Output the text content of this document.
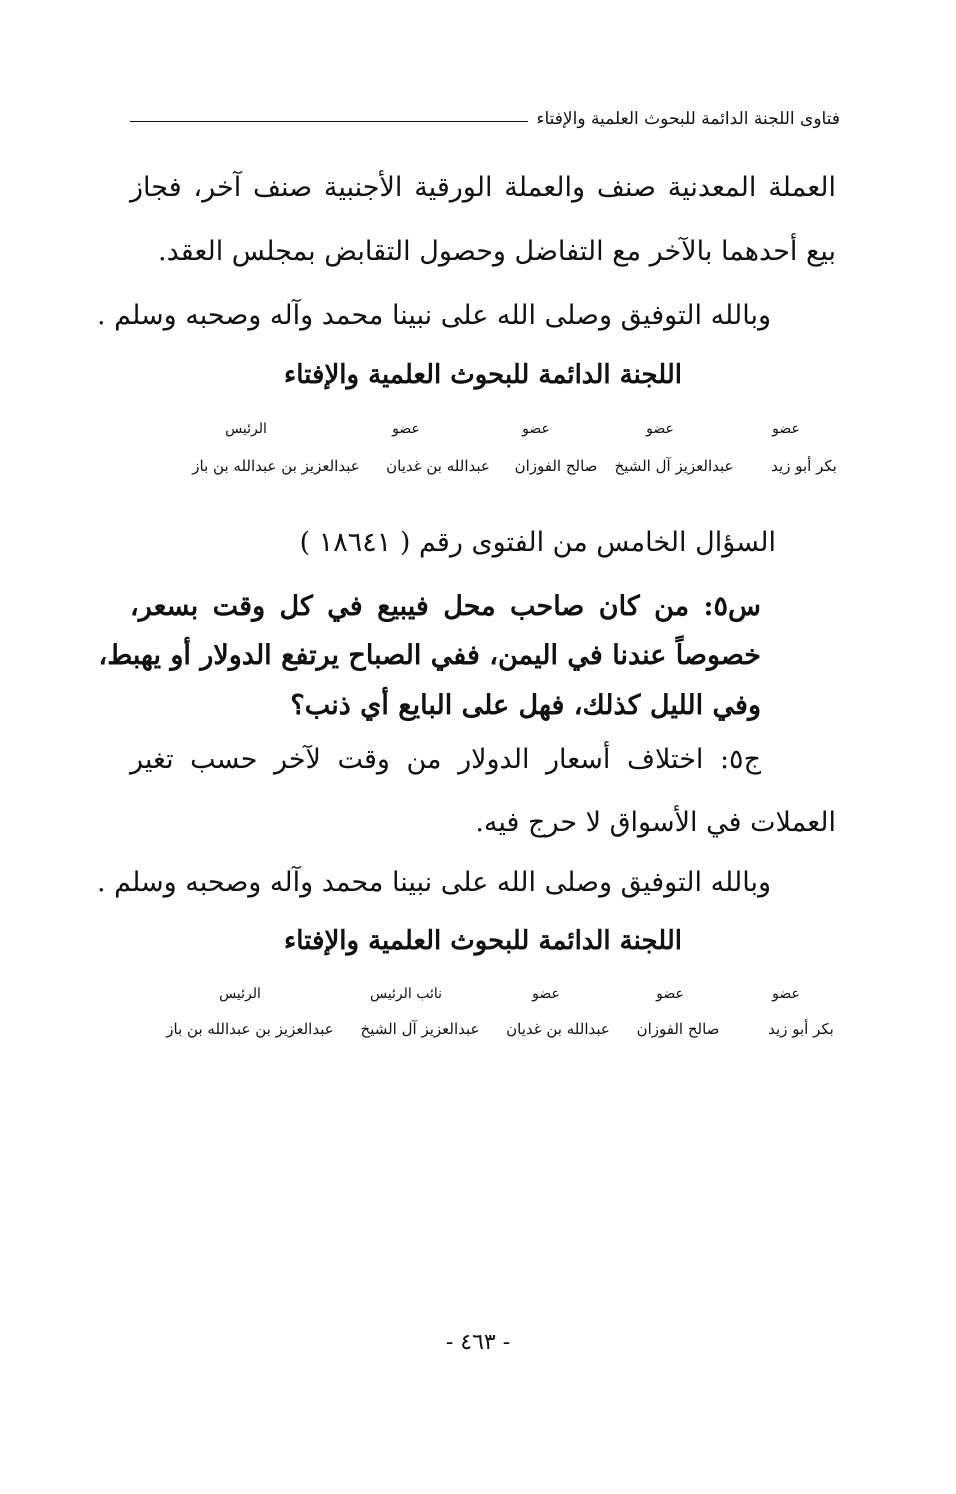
فتاوى اللجنة الدائمة للبحوث العلمية والإفتاء
العملة المعدنية صنف والعملة الورقية الأجنبية صنف آخر، فجاز
بيع أحدهما بالآخر مع التفاضل وحصول التقابض بمجلس العقد.
وبالله التوفيق وصلى الله على نبينا محمد وآله وصحبه وسلم .
اللجنة الدائمة للبحوث العلمية والإفتاء
عضو
عضو
عضو
عضو
الرئيس
بكر أبو زيد
عبدالعزيز آل الشيخ
صالح الفوزان
عبدالله بن غديان
عبدالعزيز بن عبدالله بن باز
السؤال الخامس من الفتوى رقم ( ١٨٦٤١ )
س٥: من كان صاحب محل فيبيع في كل وقت بسعر،
خصوصاً عندنا في اليمن، ففي الصباح يرتفع الدولار أو يهبط،
وفي الليل كذلك، فهل على البايع أي ذنب؟
ج٥: اختلاف أسعار الدولار من وقت لآخر حسب تغير
العملات في الأسواق لا حرج فيه.
وبالله التوفيق وصلى الله على نبينا محمد وآله وصحبه وسلم .
اللجنة الدائمة للبحوث العلمية والإفتاء
عضو
عضو
عضو
نائب الرئيس
الرئيس
بكر أبو زيد
صالح الفوزان
عبدالله بن غديان
عبدالعزيز آل الشيخ
عبدالعزيز بن عبدالله بن باز
- ٤٦٣ -
